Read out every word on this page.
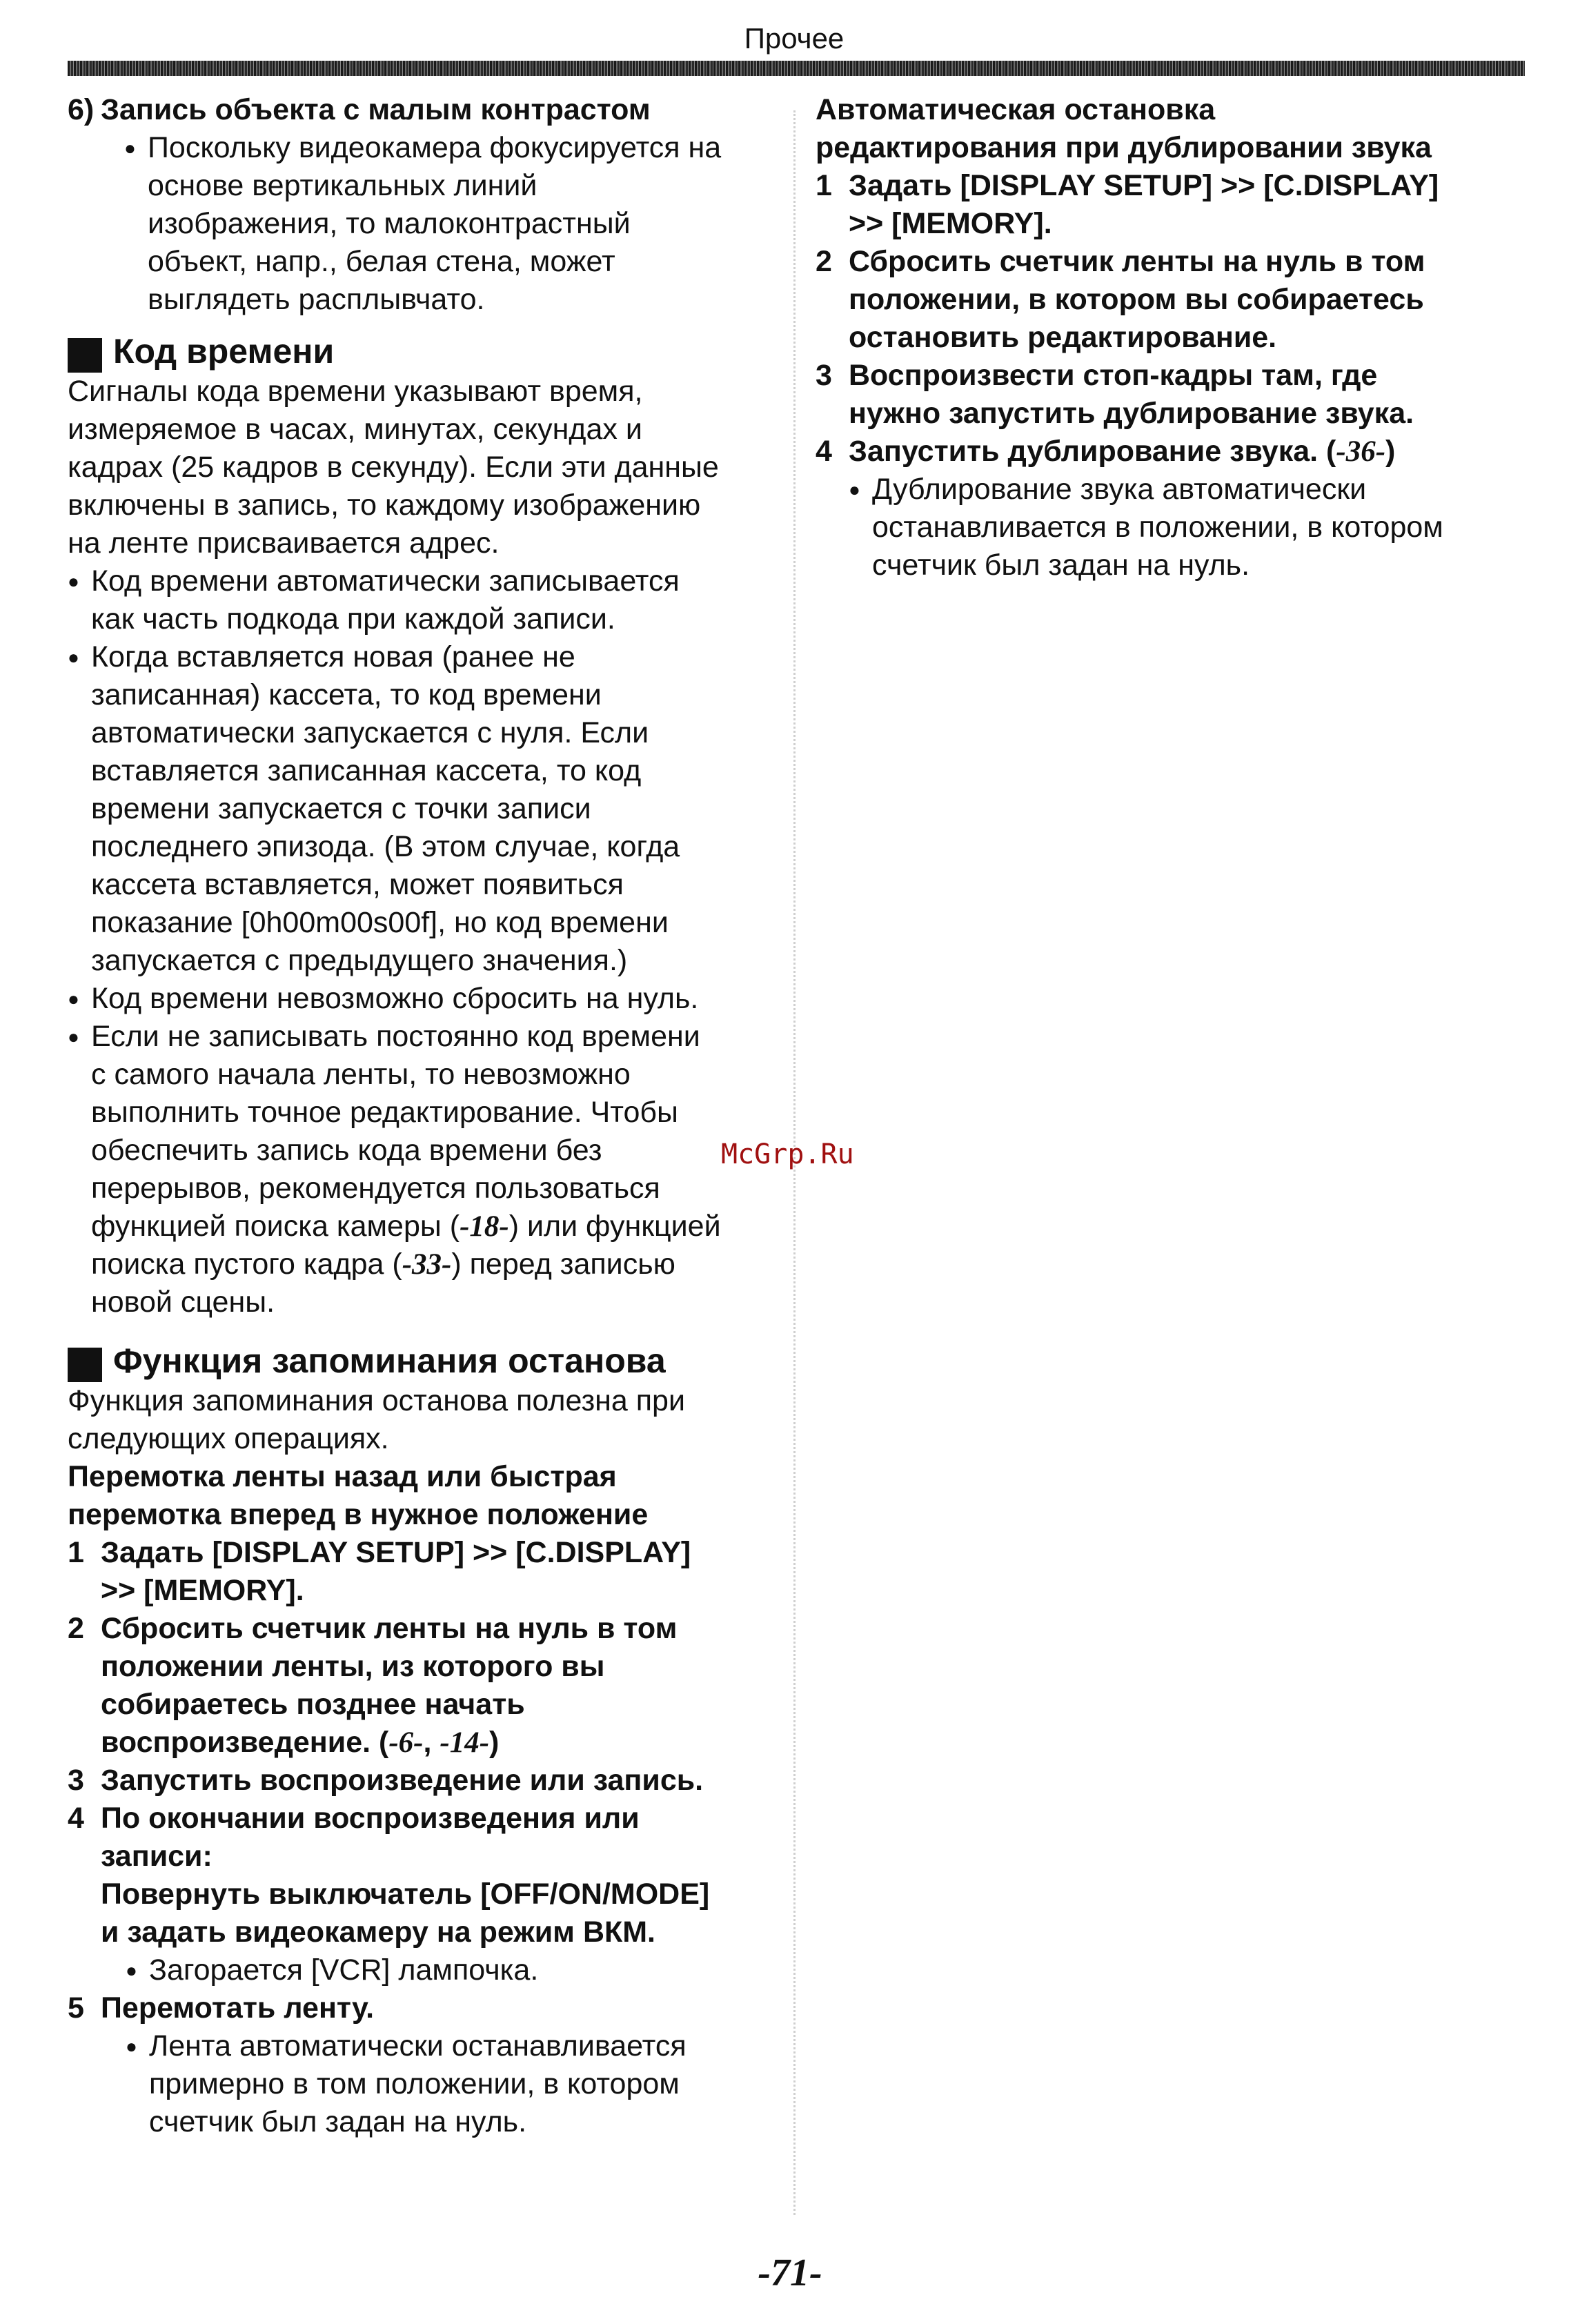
Прочее
6) Запись объекта с малым контрастом
● Поскольку видеокамера фокусируется на
основе вертикальных линий
изображения, то малоконтрастный
объект, напр., белая стена, может
выглядеть расплывчато.
Код времени
Сигналы кода времени указывают время,
измеряемое в часах, минутах, секундах и
кадрах (25 кадров в секунду). Если эти данные
включены в запись, то каждому изображению
на ленте присваивается адрес.
● Код времени автоматически записывается
как часть подкода при каждой записи.
● Когда вставляется новая (ранее не
записанная) кассета, то код времени
автоматически запускается с нуля. Если
вставляется записанная кассета, то код
времени запускается с точки записи
последнего эпизода. (В этом случае, когда
кассета вставляется, может появиться
показание [0h00m00s00f], но код времени
запускается с предыдущего значения.)
● Код времени невозможно сбросить на нуль.
● Если не записывать постоянно код времени
с самого начала ленты, то невозможно
выполнить точное редактирование. Чтобы
обеспечить запись кода времени без
перерывов, рекомендуется пользоваться
функцией поиска камеры (-18-) или функцией
поиска пустого кадра (-33-) перед записью
новой сцены.
Функция запоминания останова
Функция запоминания останова полезна при
следующих операциях.
Перемотка ленты назад или быстрая
перемотка вперед в нужное положение
1 Задать [DISPLAY SETUP] >> [C.DISPLAY]
>> [MEMORY].
2 Сбросить счетчик ленты на нуль в том
положении ленты, из которого вы
собираетесь позднее начать
воспроизведение. (-6-, -14-)
3 Запустить воспроизведение или запись.
4 По окончании воспроизведения или
записи:
Повернуть выключатель [OFF/ON/MODE]
и задать видеокамеру на режим ВКМ.
● Загорается [VCR] лампочка.
5 Перемотать ленту.
● Лента автоматически останавливается
примерно в том положении, в котором
счетчик был задан на нуль.
Автоматическая остановка
редактирования при дублировании звука
1 Задать [DISPLAY SETUP] >> [C.DISPLAY]
>> [MEMORY].
2 Сбросить счетчик ленты на нуль в том
положении, в котором вы собираетесь
остановить редактирование.
3 Воспроизвести стоп-кадры там, где
нужно запустить дублирование звука.
4 Запустить дублирование звука. (-36-)
● Дублирование звука автоматически
останавливается в положении, в котором
счетчик был задан на нуль.
McGrp.Ru
-71-
